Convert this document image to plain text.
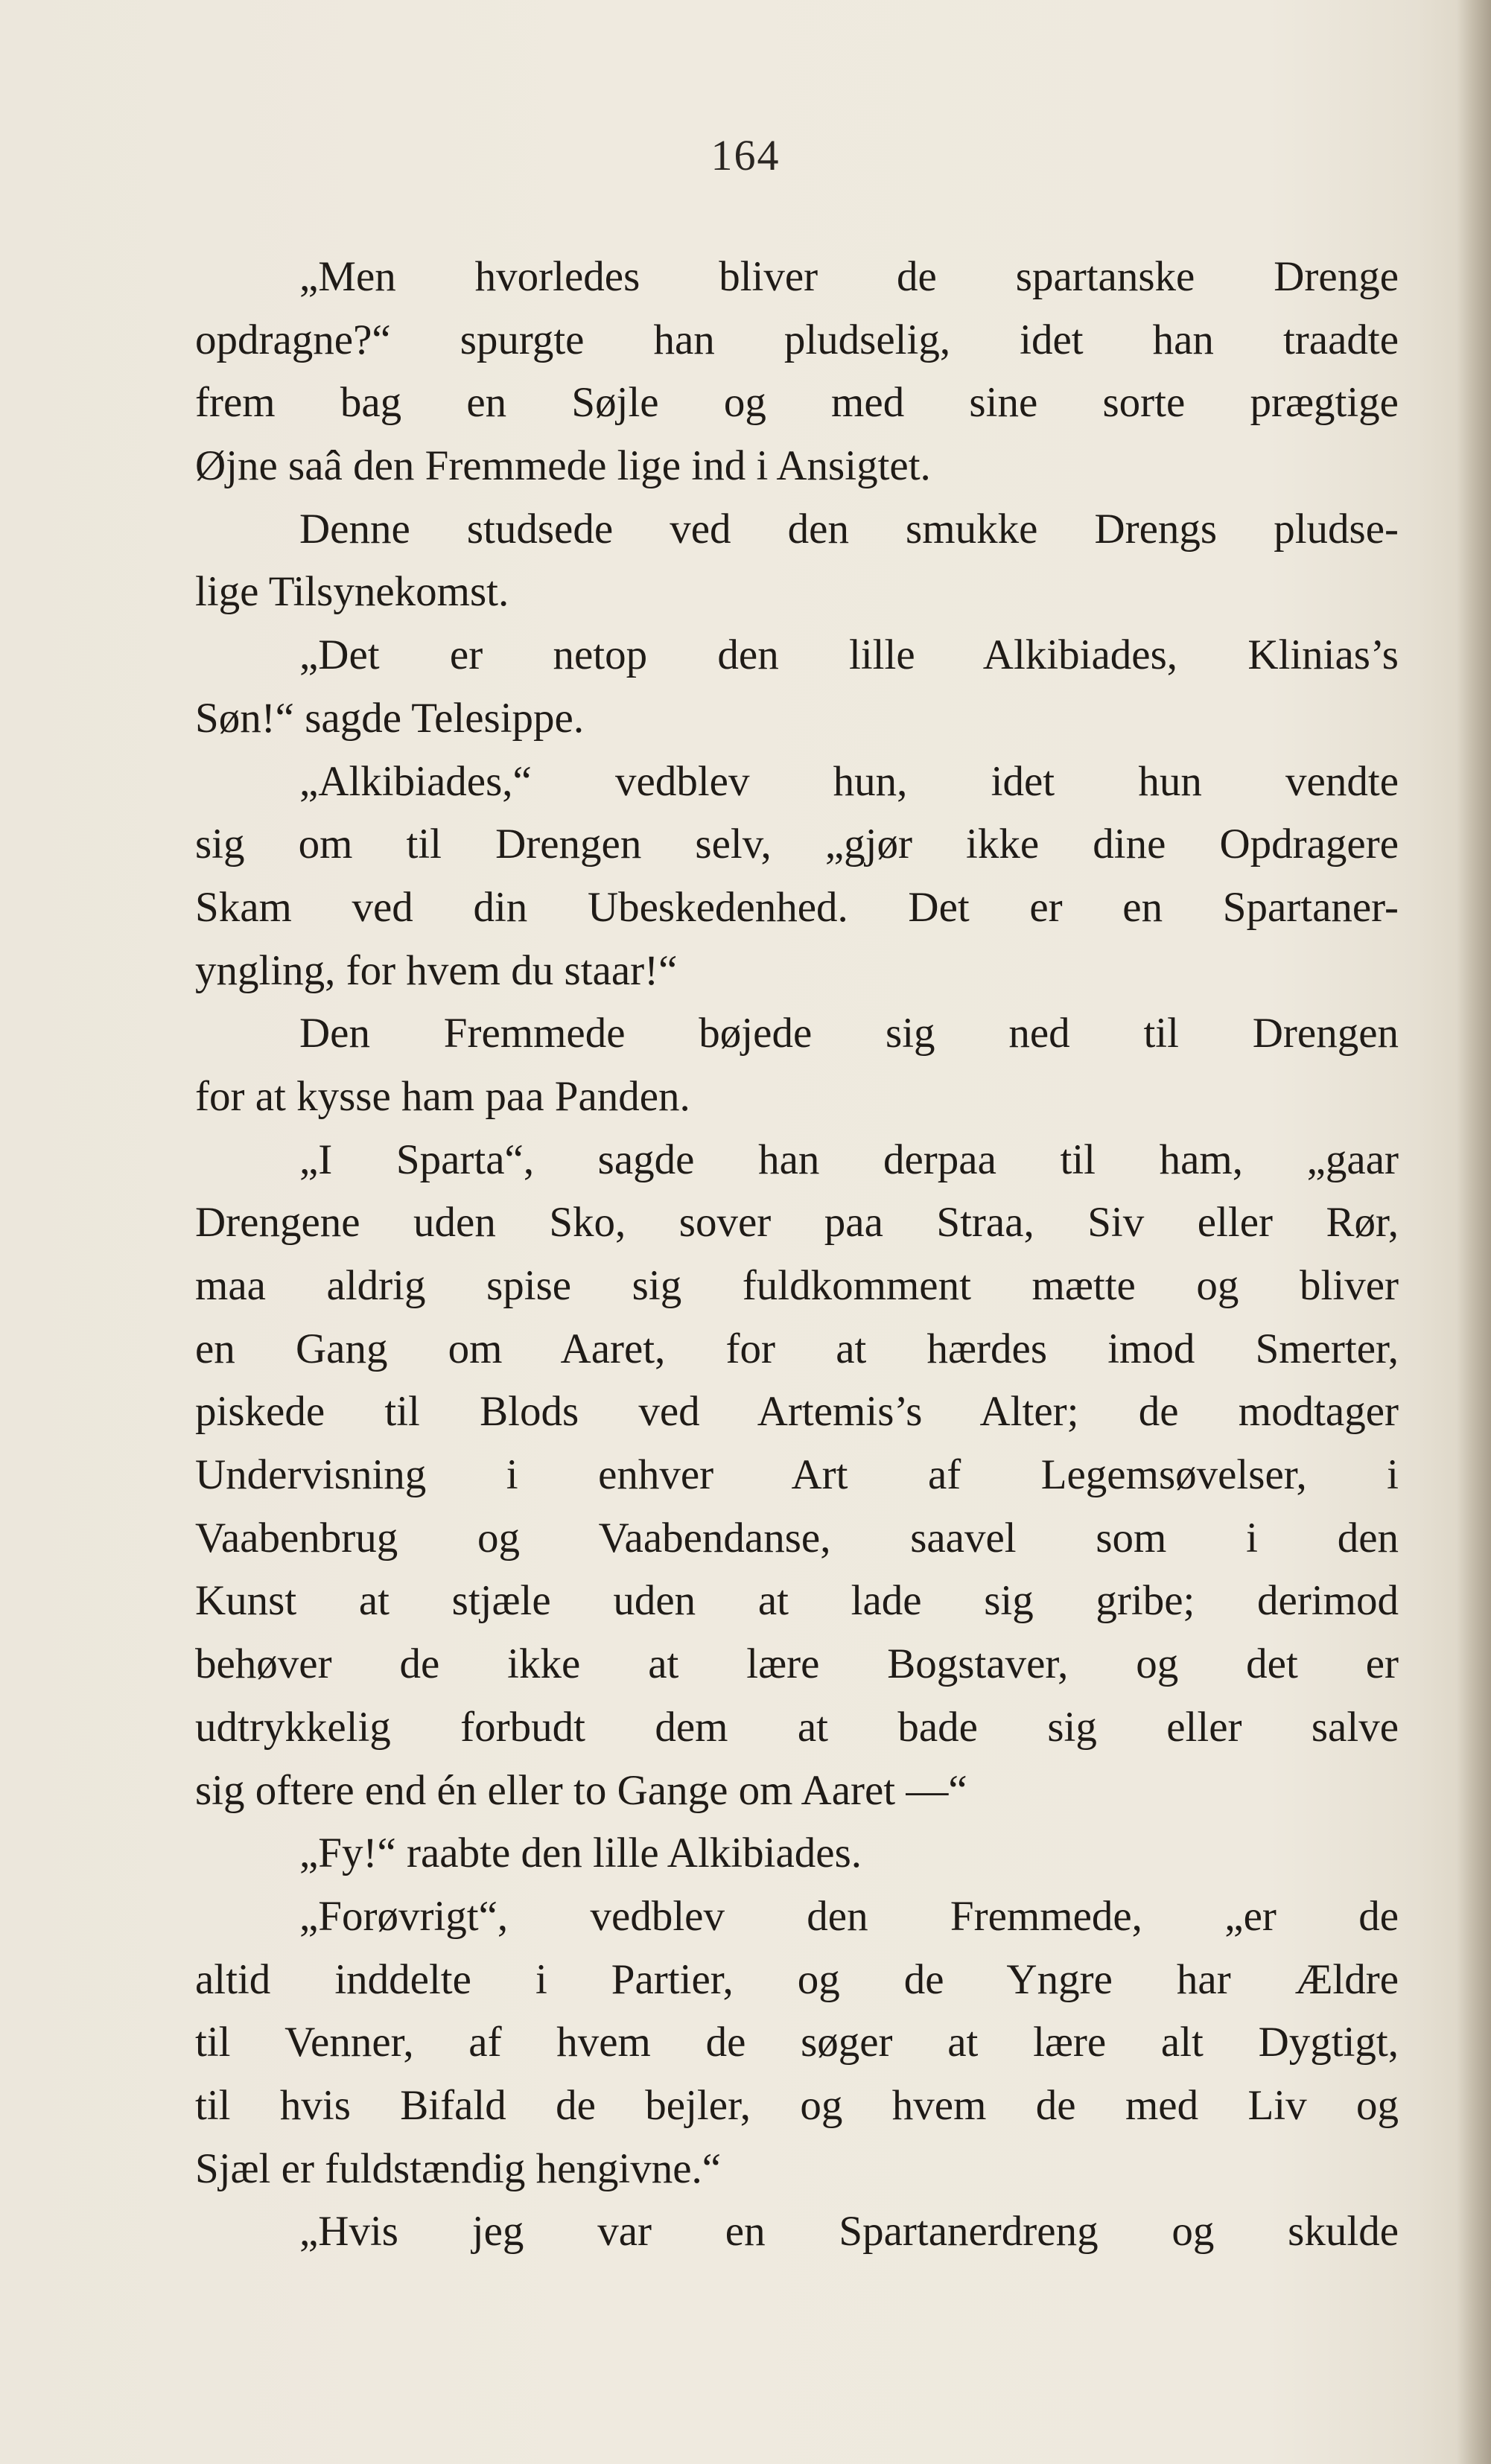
164
„Men hvorledes bliver de spartanske Drenge
opdragne?“ spurgte han pludselig, idet han traadte
frem bag en Søjle og med sine sorte prægtige
Øjne saâ den Fremmede lige ind i Ansigtet.
Denne studsede ved den smukke Drengs pludse-
lige Tilsynekomst.
„Det er netop den lille Alkibiades, Klinias’s
Søn!“ sagde Telesippe.
„Alkibiades,“ vedblev hun, idet hun vendte
sig om til Drengen selv, „gjør ikke dine Opdragere
Skam ved din Ubeskedenhed. Det er en Spartaner-
yngling, for hvem du staar!“
Den Fremmede bøjede sig ned til Drengen
for at kysse ham paa Panden.
„I Sparta“, sagde han derpaa til ham, „gaar
Drengene uden Sko, sover paa Straa, Siv eller Rør,
maa aldrig spise sig fuldkomment mætte og bliver
en Gang om Aaret, for at hærdes imod Smerter,
piskede til Blods ved Artemis’s Alter; de modtager
Undervisning i enhver Art af Legemsøvelser, i
Vaabenbrug og Vaabendanse, saavel som i den
Kunst at stjæle uden at lade sig gribe; derimod
behøver de ikke at lære Bogstaver, og det er
udtrykkelig forbudt dem at bade sig eller salve
sig oftere end én eller to Gange om Aaret —“
„Fy!“ raabte den lille Alkibiades.
„Forøvrigt“, vedblev den Fremmede, „er de
altid inddelte i Partier, og de Yngre har Ældre
til Venner, af hvem de søger at lære alt Dygtigt,
til hvis Bifald de bejler, og hvem de med Liv og
Sjæl er fuldstændig hengivne.“
„Hvis jeg var en Spartanerdreng og skulde
